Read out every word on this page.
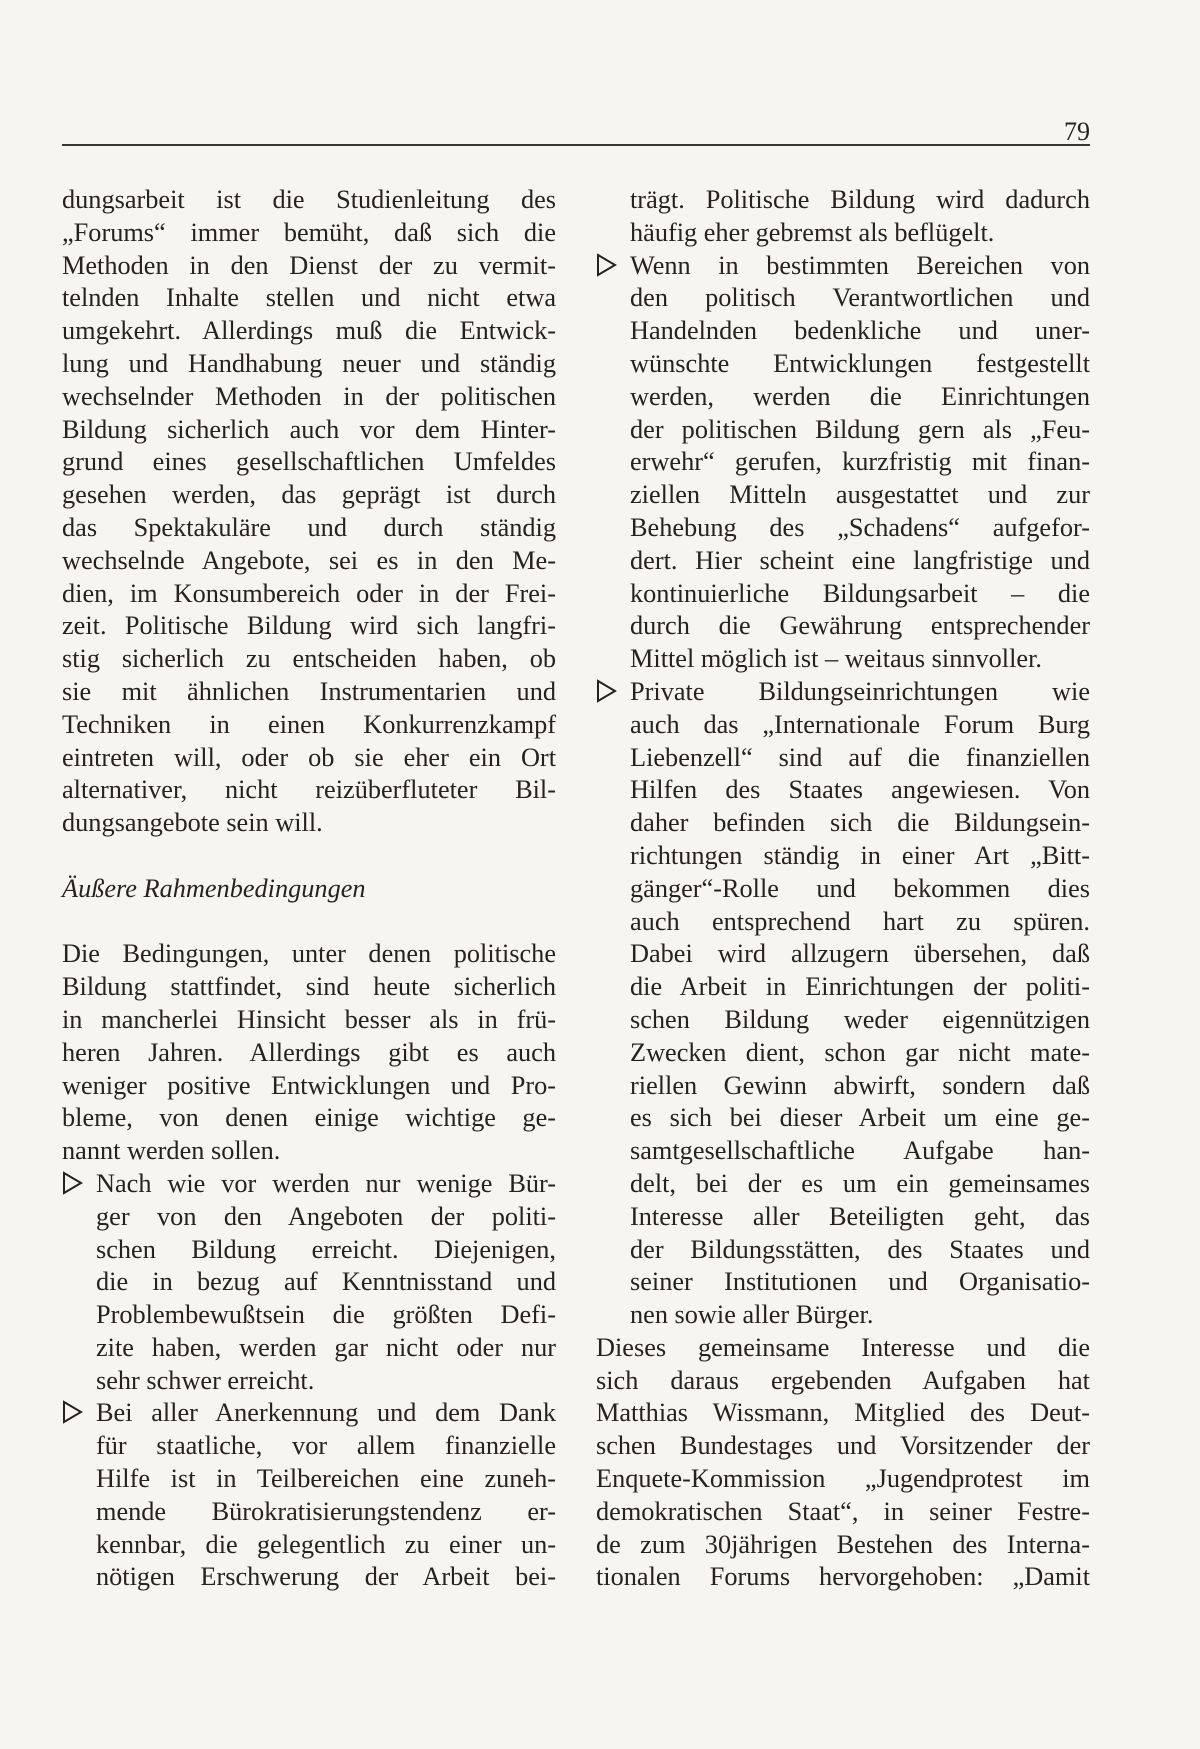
79
dungsarbeit ist die Studienleitung des
„Forums“ immer bemüht, daß sich die
Methoden in den Dienst der zu vermit-
telnden Inhalte stellen und nicht etwa
umgekehrt. Allerdings muß die Entwick-
lung und Handhabung neuer und ständig
wechselnder Methoden in der politischen
Bildung sicherlich auch vor dem Hinter-
grund eines gesellschaftlichen Umfeldes
gesehen werden, das geprägt ist durch
das Spektakuläre und durch ständig
wechselnde Angebote, sei es in den Me-
dien, im Konsumbereich oder in der Frei-
zeit. Politische Bildung wird sich langfri-
stig sicherlich zu entscheiden haben, ob
sie mit ähnlichen Instrumentarien und
Techniken in einen Konkurrenzkampf
eintreten will, oder ob sie eher ein Ort
alternativer, nicht reizüberfluteter Bil-
dungsangebote sein will.
Äußere Rahmenbedingungen
Die Bedingungen, unter denen politische
Bildung stattfindet, sind heute sicherlich
in mancherlei Hinsicht besser als in frü-
heren Jahren. Allerdings gibt es auch
weniger positive Entwicklungen und Pro-
bleme, von denen einige wichtige ge-
nannt werden sollen.
Nach wie vor werden nur wenige Bür-
ger von den Angeboten der politi-
schen Bildung erreicht. Diejenigen,
die in bezug auf Kenntnisstand und
Problembewußtsein die größten Defi-
zite haben, werden gar nicht oder nur
sehr schwer erreicht.
Bei aller Anerkennung und dem Dank
für staatliche, vor allem finanzielle
Hilfe ist in Teilbereichen eine zuneh-
mende Bürokratisierungstendenz er-
kennbar, die gelegentlich zu einer un-
nötigen Erschwerung der Arbeit bei-
trägt. Politische Bildung wird dadurch
häufig eher gebremst als beflügelt.
Wenn in bestimmten Bereichen von
den politisch Verantwortlichen und
Handelnden bedenkliche und uner-
wünschte Entwicklungen festgestellt
werden, werden die Einrichtungen
der politischen Bildung gern als „Feu-
erwehr“ gerufen, kurzfristig mit finan-
ziellen Mitteln ausgestattet und zur
Behebung des „Schadens“ aufgefor-
dert. Hier scheint eine langfristige und
kontinuierliche Bildungsarbeit – die
durch die Gewährung entsprechender
Mittel möglich ist – weitaus sinnvoller.
Private Bildungseinrichtungen wie
auch das „Internationale Forum Burg
Liebenzell“ sind auf die finanziellen
Hilfen des Staates angewiesen. Von
daher befinden sich die Bildungsein-
richtungen ständig in einer Art „Bitt-
gänger“-Rolle und bekommen dies
auch entsprechend hart zu spüren.
Dabei wird allzugern übersehen, daß
die Arbeit in Einrichtungen der politi-
schen Bildung weder eigennützigen
Zwecken dient, schon gar nicht mate-
riellen Gewinn abwirft, sondern daß
es sich bei dieser Arbeit um eine ge-
samtgesellschaftliche Aufgabe han-
delt, bei der es um ein gemeinsames
Interesse aller Beteiligten geht, das
der Bildungsstätten, des Staates und
seiner Institutionen und Organisatio-
nen sowie aller Bürger.
Dieses gemeinsame Interesse und die
sich daraus ergebenden Aufgaben hat
Matthias Wissmann, Mitglied des Deut-
schen Bundestages und Vorsitzender der
Enquete-Kommission „Jugendprotest im
demokratischen Staat“, in seiner Festre-
de zum 30jährigen Bestehen des Interna-
tionalen Forums hervorgehoben: „Damit
